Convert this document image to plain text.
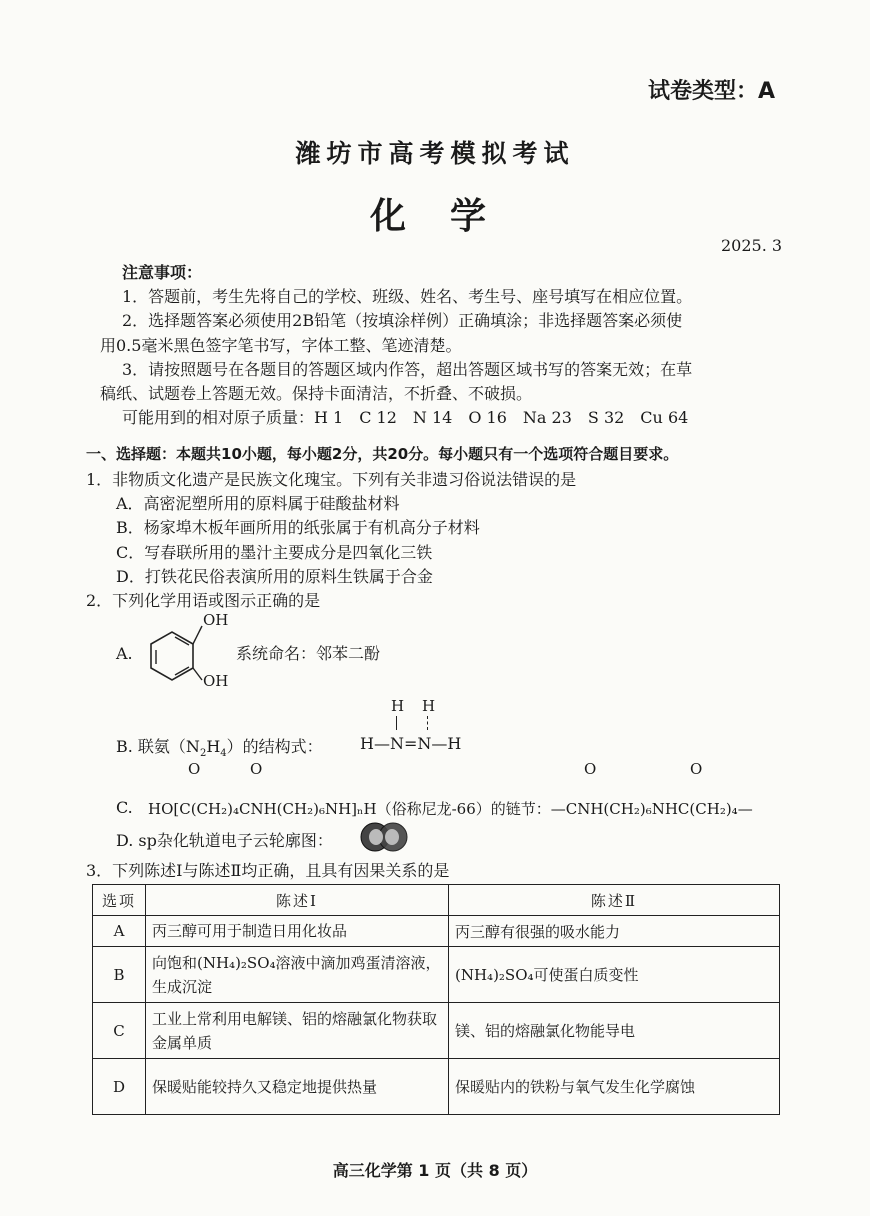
试卷类型：A
潍坊市高考模拟考试
化学
2025. 3
注意事项：
1．答题前，考生先将自己的学校、班级、姓名、考生号、座号填写在相应位置。
2．选择题答案必须使用2B铅笔（按填涂样例）正确填涂；非选择题答案必须使
用0.5毫米黑色签字笔书写，字体工整、笔迹清楚。
3．请按照题号在各题目的答题区域内作答，超出答题区域书写的答案无效；在草
稿纸、试题卷上答题无效。保持卡面清洁，不折叠、不破损。
可能用到的相对原子质量：H 1　C 12　N 14　O 16　Na 23　S 32　Cu 64
一、选择题：本题共10小题，每小题2分，共20分。每小题只有一个选项符合题目要求。
1．非物质文化遗产是民族文化瑰宝。下列有关非遗习俗说法错误的是
A．高密泥塑所用的原料属于硅酸盐材料
B．杨家埠木板年画所用的纸张属于有机高分子材料
C．写春联所用的墨汁主要成分是四氧化三铁
D．打铁花民俗表演所用的原料生铁属于合金
2．下列化学用语或图示正确的是
A.
OH
OH
系统命名：邻苯二酚
H H
B. 联氨$(N_2H_4)$的结构式： H—N=N—H
O	O	O	O
C. HO[C(CH₂)₄CNH(CH₂)₆NH]ₙH（俗称尼龙-66）的链节：—CNH(CH₂)₆NHC(CH₂)₄—
D. sp杂化轨道电子云轮廓图：
3．下列陈述Ⅰ与陈述Ⅱ均正确，且具有因果关系的是
选项	陈述Ⅰ	陈述Ⅱ
A	丙三醇可用于制造日用化妆品	丙三醇有很强的吸水能力
B	向饱和(NH₄)₂SO₄溶液中滴加鸡蛋清溶液，生成沉淀	(NH₄)₂SO₄可使蛋白质变性
C	工业上常利用电解镁、铝的熔融氯化物获取金属单质	镁、铝的熔融氯化物能导电
D	保暖贴能较持久又稳定地提供热量	保暖贴内的铁粉与氧气发生化学腐蚀
高三化学第 1 页（共 8 页）
